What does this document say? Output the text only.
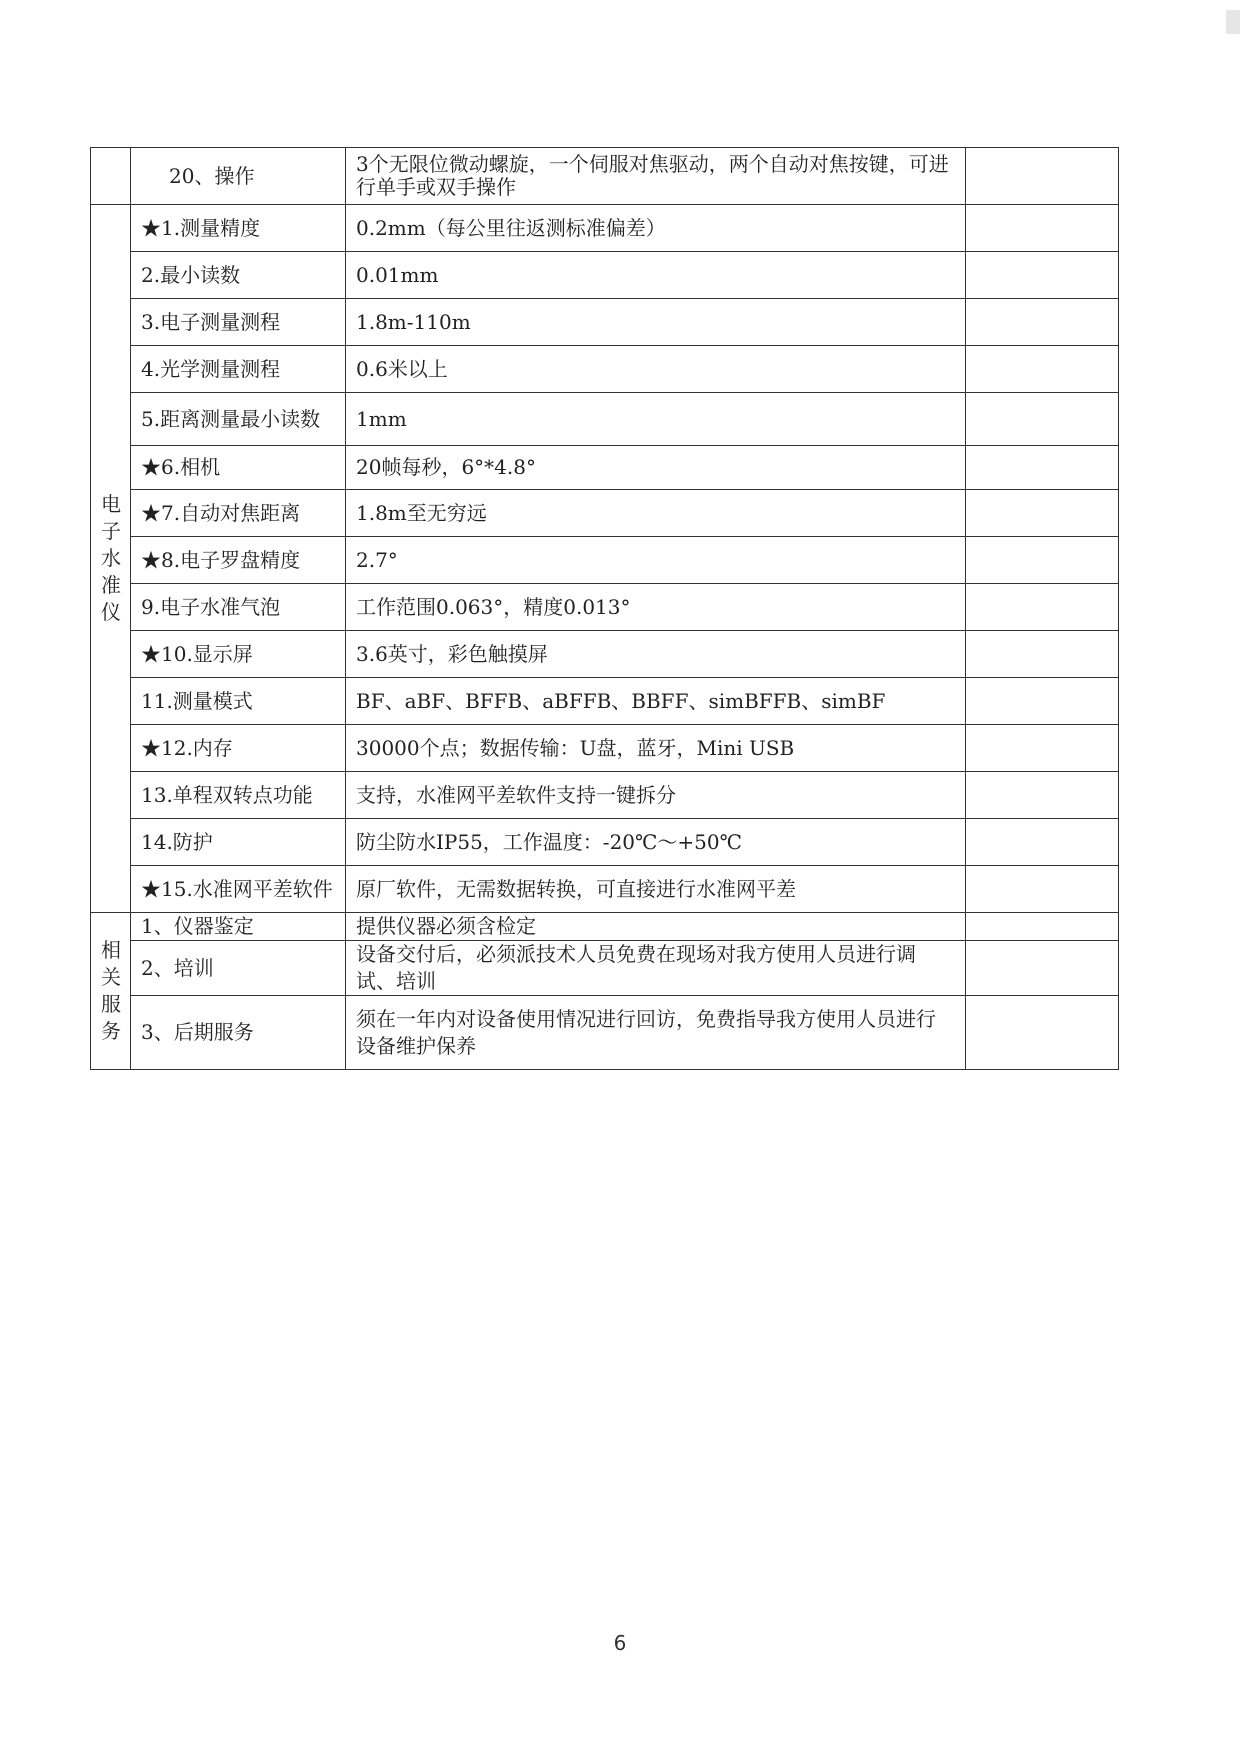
	20、操作	3个无限位微动螺旋，一个伺服对焦驱动，两个自动对焦按键，可进行单手或双手操作	

电
子
水
准
仪	★1.测量精度	0.2mm（每公里往返测标准偏差）	
	2.最小读数	0.01mm	
	3.电子测量测程	1.8m-110m	
	4.光学测量测程	0.6米以上	
	5.距离测量最小读数	1mm	
	★6.相机	20帧每秒，6°*4.8°	
	★7.自动对焦距离	1.8m至无穷远	
	★8.电子罗盘精度	2.7°	
	9.电子水准气泡	工作范围0.063°，精度0.013°	
	★10.显示屏	3.6英寸，彩色触摸屏	
	11.测量模式	BF、aBF、BFFB、aBFFB、BBFF、simBFFB、simBF	
	★12.内存	30000个点；数据传输：U盘，蓝牙，Mini USB	
	13.单程双转点功能	支持，水准网平差软件支持一键拆分	
	14.防护	防尘防水IP55，工作温度：-20℃～+50℃	
	★15.水准网平差软件	原厂软件，无需数据转换，可直接进行水准网平差	

相
关
服
务	1、仪器鉴定	提供仪器必须含检定	
	2、培训	设备交付后，必须派技术人员免费在现场对我方使用人员进行调试、培训	
	3、后期服务	须在一年内对设备使用情况进行回访，免费指导我方使用人员进行设备维护保养	
6
